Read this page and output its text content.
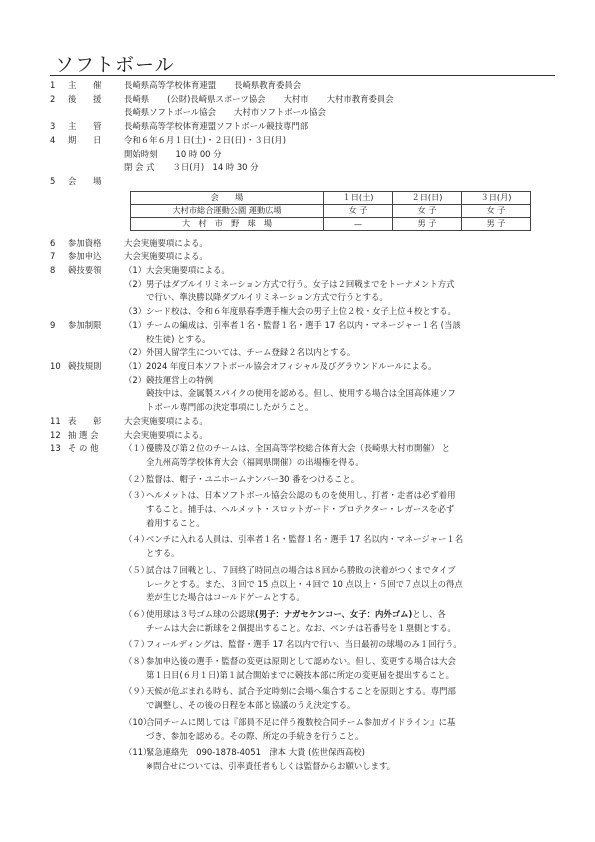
ソフトボール
1	主　　催	長崎県高等学校体育連盟 長崎県教育委員会
2	後　　援	長崎県 (公財)長崎県スポーツ協会 大村市 大村市教育委員会
長崎県ソフトボール協会 大村市ソフトボール協会
3	主　　管	長崎県高等学校体育連盟ソフトボール競技専門部
4	期　　日	令和６年６月１日(土)・２日(日)・３日(月)
開始時刻 10 時 00 分
閉 会 式 ３日(月)　14 時 30 分
5	会　　場
会　　場	１日(土)	２日(日)	３日(月)
大村市総合運動公園 運動広場	女 子	女 子	女 子
大　村　市　野　球　場	—	男 子	男 子
6	参加資格	大会実施要項による。
7	参加申込	大会実施要項による。
8	競技要領	（1） 大会実施要項による。
（2） 男子はダブルイリミネーション方式で行う。女子は２回戦までをトーナメント方式
で行い、準決勝以降ダブルイリミネーション方式で行うとする。
（3） シード校は、令和６年度県春季選手権大会の男子上位２校・女子上位４校とする。
9	参加制限	（1） チームの編成は、引率者１名・監督１名・選手 17 名以内・マネージャー１名 (当該
校生徒) とする。
（2） 外国人留学生については、チーム登録２名以内とする。
10 競技規則	（1） 2024 年度日本ソフトボール協会オフィシャル及びグラウンドルールによる。
（2） 競技運営上の特例
競技中は、金属製スパイクの使用を認める。但し、使用する場合は全国高体連ソフ
トボール専門部の決定事項にしたがうこと。
11 表　　彰	大会実施要項による。
12 抽 選 会	大会実施要項による。
13 そ の 他	（１）
優勝及び第２位のチームは、全国高等学校総合体育大会（長崎県大村市開催） と
全九州高等学校体育大会（福岡県開催）の出場権を得る。
（２）
監督は、帽子・ユニホームナンバー30 番をつけること。
（３）
ヘルメットは、日本ソフトボール協会公認のものを使用し、打者・走者は必ず着用
すること。捕手は、ヘルメット・スロットガード・プロテクター・レガースを必ず
着用すること。
（４）
ベンチに入れる人員は、引率者１名・監督１名・選手 17 名以内・マネージャー１名
とする。
（５）
試合は７回戦とし、７回終了時同点の場合は８回から勝敗の決着がつくまでタイブ
レークとする。また、３回で 15 点以上・４回で 10 点以上・５回で７点以上の得点
差が生じた場合はコールドゲームとする。
（６）
使用球は３号ゴム球の公認球(男子：ナガセケンコー、女子：内外ゴム)とし、各
チームは大会に新球を２個提出すること。なお、ベンチは若番号を１塁側とする。
（７）
フィールディングは、監督・選手 17 名以内で行い、当日最初の球場のみ１回行う。
（８）
参加申込後の選手・監督の変更は原則として認めない。但し、変更する場合は大会
第１日目(６月１日)第１試合開始までに競技本部に所定の変更届を提出すること。
（９）
天候が危ぶまれる時も、試合予定時刻に会場へ集合することを原則とする。専門部
で調整し、その後の日程を本部と協議のうえ決定する。
（10）
合同チームに関しては『部員不足に伴う複数校合同チーム参加ガイドライン』に基
づき、参加を認める。その際、所定の手続きを行うこと。
（11）
緊急連絡先　090-1878-4051　津本 大貴 (佐世保西高校)
※問合せについては、引率責任者もしくは監督からお願いします。
